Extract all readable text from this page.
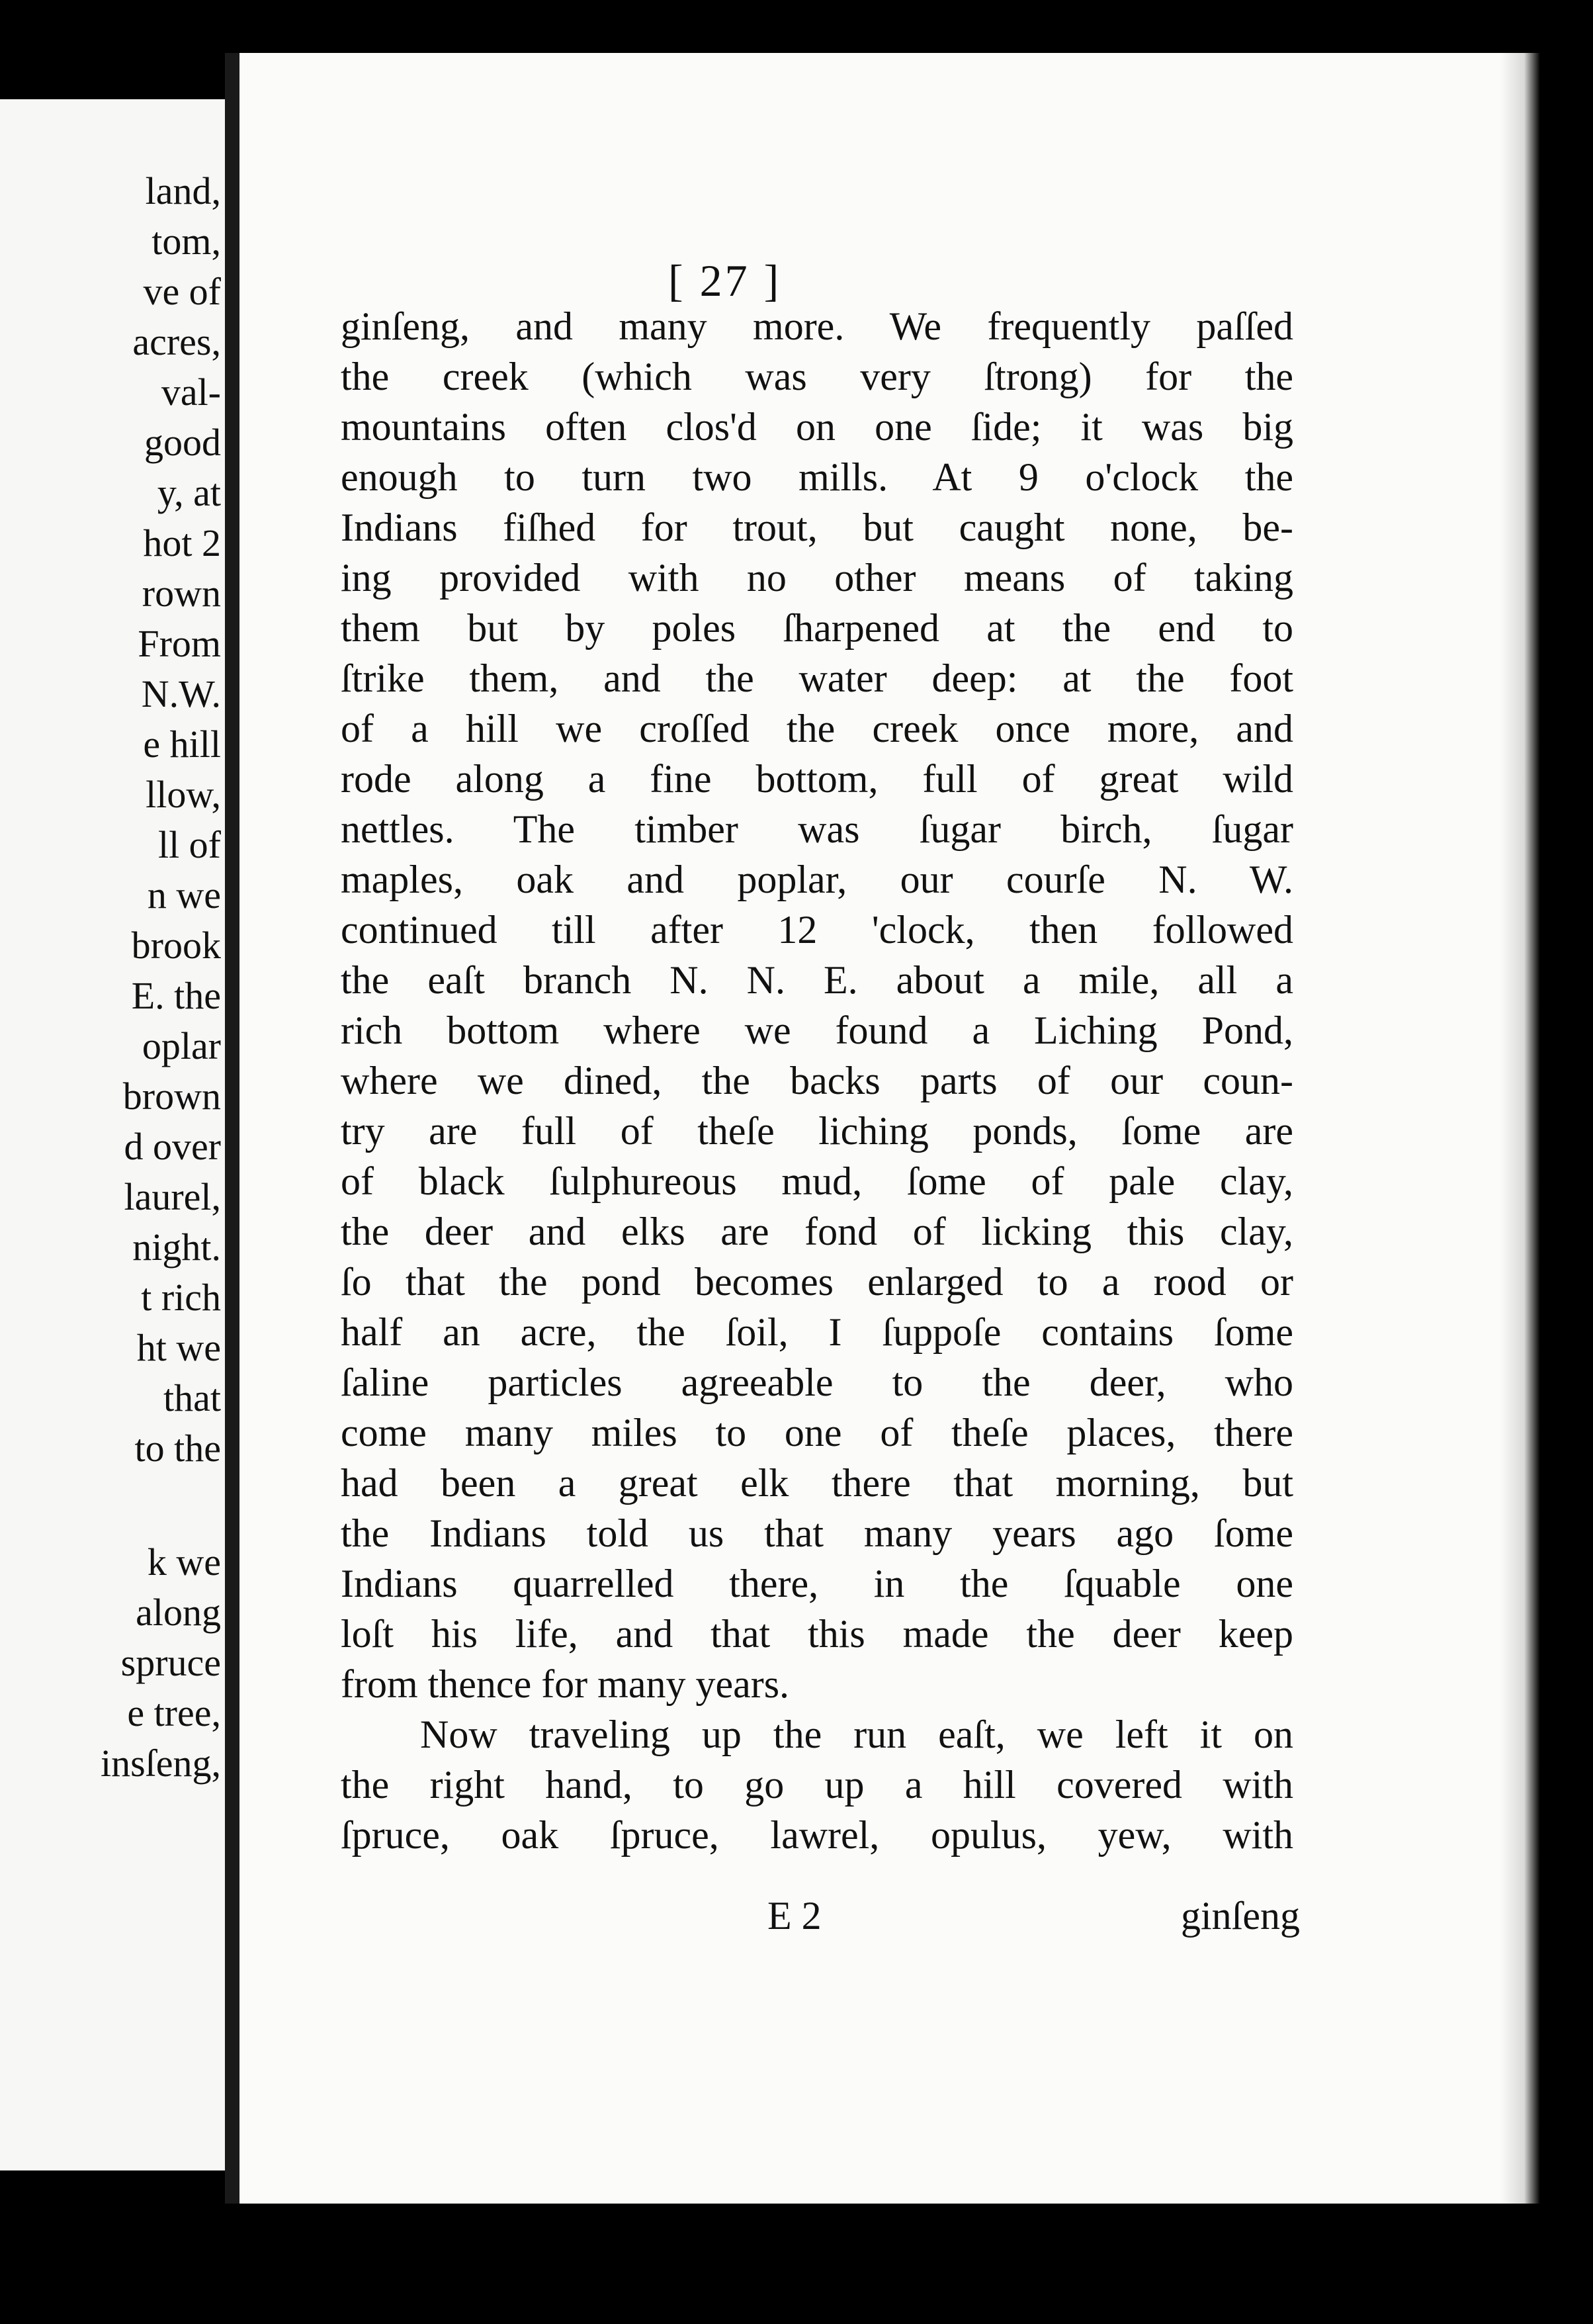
land,
tom,
ve of
acres,
val-
good
y, at
hot 2
rown
From
N.W.
e hill
llow,
ll of
n we
brook
E. the
oplar
brown
d over
laurel,
night.
t rich
ht we
that
to the
k we
along
spruce
e tree,
insſeng,
[ 27 ]
ginſeng, and many more. We frequently paſſed
the creek (which was very ſtrong) for the
mountains often clos'd on one ſide; it was big
enough to turn two mills. At 9 o'clock the
Indians fiſhed for trout, but caught none, be-
ing provided with no other means of taking
them but by poles ſharpened at the end to
ſtrike them, and the water deep: at the foot
of a hill we croſſed the creek once more, and
rode along a fine bottom, full of great wild
nettles. The timber was ſugar birch, ſugar
maples, oak and poplar, our courſe N. W.
continued till after 12 'clock, then followed
the eaſt branch N. N. E. about a mile, all a
rich bottom where we found a Liching Pond,
where we dined, the backs parts of our coun-
try are full of theſe liching ponds, ſome are
of black ſulphureous mud, ſome of pale clay,
the deer and elks are fond of licking this clay,
ſo that the pond becomes enlarged to a rood or
half an acre, the ſoil, I ſuppoſe contains ſome
ſaline particles agreeable to the deer, who
come many miles to one of theſe places, there
had been a great elk there that morning, but
the Indians told us that many years ago ſome
Indians quarrelled there, in the ſquable one
loſt his life, and that this made the deer keep
from thence for many years.
Now traveling up the run eaſt, we left it on
the right hand, to go up a hill covered with
ſpruce, oak ſpruce, lawrel, opulus, yew, with
E 2	ginſeng
